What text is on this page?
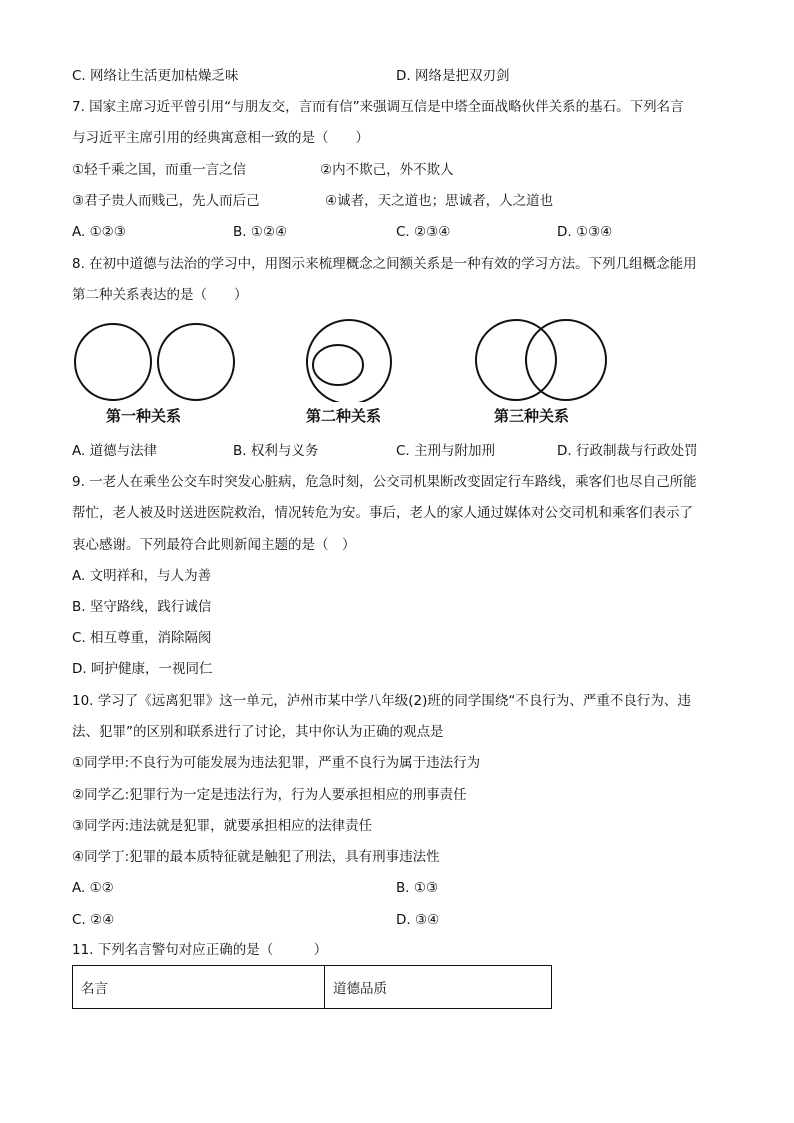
C. 网络让生活更加枯燥乏味	D. 网络是把双刃剑
7. 国家主席习近平曾引用“与朋友交，言而有信”来强调互信是中塔全面战略伙伴关系的基石。下列名言
与习近平主席引用的经典寓意相一致的是（　　）
①轻千乘之国，而重一言之信	②内不欺己，外不欺人
③君子贵人而贱己，先人而后己	④诚者，天之道也；思诚者，人之道也
A. ①②③	B. ①②④	C. ②③④	D. ①③④
8. 在初中道德与法治的学习中，用图示来梳理概念之间额关系是一种有效的学习方法。下列几组概念能用
第二种关系表达的是（　　）
第一种关系	第二种关系	第三种关系
A. 道德与法律	B. 权利与义务	C. 主刑与附加刑	D. 行政制裁与行政处罚
9. 一老人在乘坐公交车时突发心脏病，危急时刻，公交司机果断改变固定行车路线，乘客们也尽自己所能
帮忙，老人被及时送进医院救治，情况转危为安。事后，老人的家人通过媒体对公交司机和乘客们表示了
衷心感谢。下列最符合此则新闻主题的是（　）
A. 文明祥和，与人为善
B. 坚守路线，践行诚信
C. 相互尊重，消除隔阂
D. 呵护健康，一视同仁
10. 学习了《远离犯罪》这一单元，泸州市某中学八年级(2)班的同学围绕“不良行为、严重不良行为、违
法、犯罪”的区别和联系进行了讨论，其中你认为正确的观点是
①同学甲:不良行为可能发展为违法犯罪，严重不良行为属于违法行为
②同学乙:犯罪行为一定是违法行为，行为人要承担相应的刑事责任
③同学丙:违法就是犯罪，就要承担相应的法律责任
④同学丁:犯罪的最本质特征就是触犯了刑法，具有刑事违法性
A. ①②	B. ①③
C. ②④	D. ③④
11. 下列名言警句对应正确的是（　　　）
名言	道德品质
